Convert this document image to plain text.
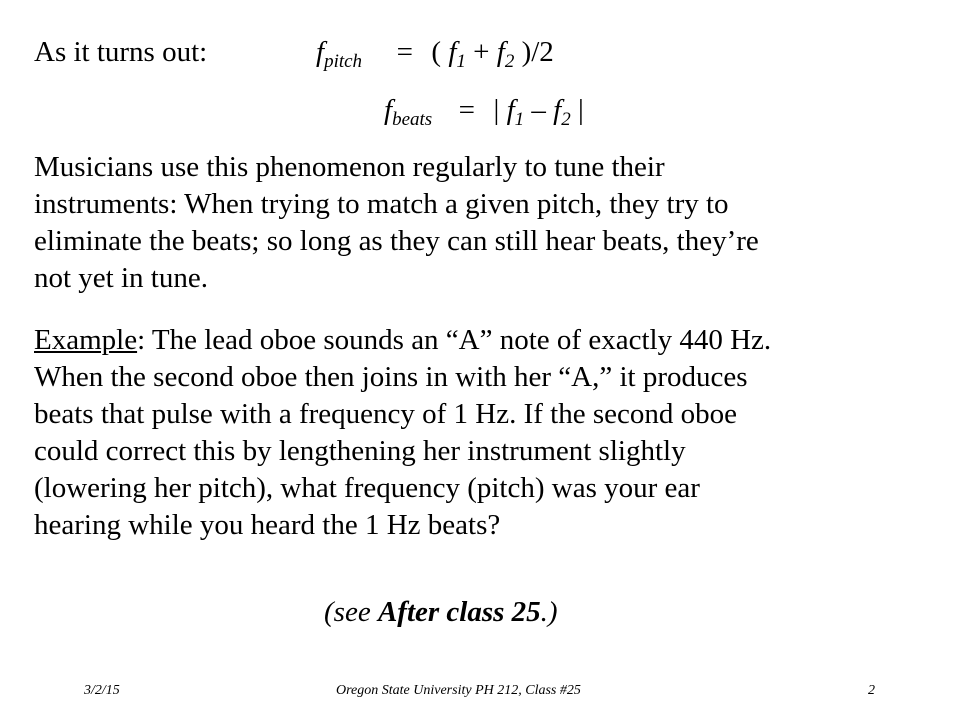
As it turns out:	$f_{pitch}$ = ( $f_1 + f_2$ )/2
$f_{beats}$ = | $f_1 - f_2$ |
Musicians use this phenomenon regularly to tune their
instruments: When trying to match a given pitch, they try to
eliminate the beats; so long as they can still hear beats, they’re
not yet in tune.
Example: The lead oboe sounds an “A” note of exactly 440 Hz.
When the second oboe then joins in with her “A,” it produces
beats that pulse with a frequency of 1 Hz. If the second oboe
could correct this by lengthening her instrument slightly
(lowering her pitch), what frequency (pitch) was your ear
hearing while you heard the 1 Hz beats?
(see After class 25.)
3/2/15	Oregon State University PH 212, Class #25	2
